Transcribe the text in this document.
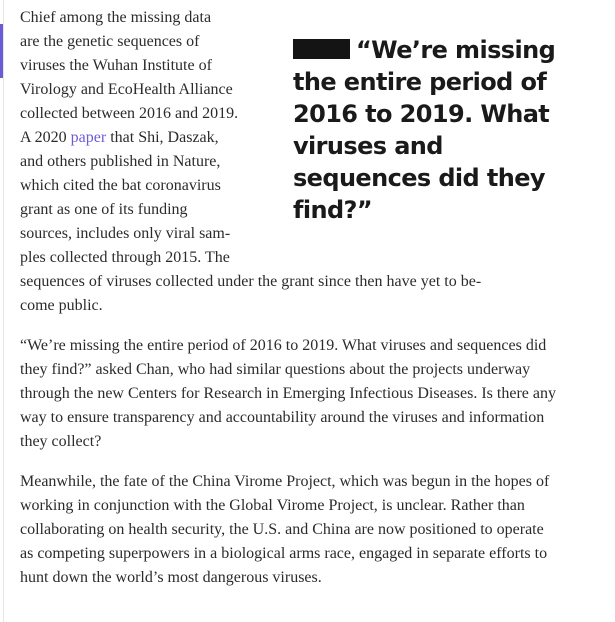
Chief among the missing data
are the genetic sequences of
viruses the Wuhan Institute of
Virology and EcoHealth Alliance
collected between 2016 and 2019.
A 2020 paper that Shi, Daszak,
and others published in Nature,
which cited the bat coronavirus
grant as one of its funding
sources, includes only viral sam-
ples collected through 2015. The
sequences of viruses collected under the grant since then have yet to be-
come public.

“We’re missing the entire period of 2016 to 2019. What viruses and sequences did they find?” asked Chan, who had similar questions about the projects underway through the new Centers for Research in Emerging Infectious Diseases. Is there any way to ensure transparency and accountability around the viruses and information they collect?

Meanwhile, the fate of the China Virome Project, which was begun in the hopes of working in conjunction with the Global Virome Project, is unclear. Rather than collaborating on health security, the U.S. and China are now positioned to operate as competing superpowers in a biological arms race, engaged in separate efforts to hunt down the world’s most dangerous viruses.

“We’re missing
the entire period of
2016 to 2019. What
viruses and
sequences did they
find?”
